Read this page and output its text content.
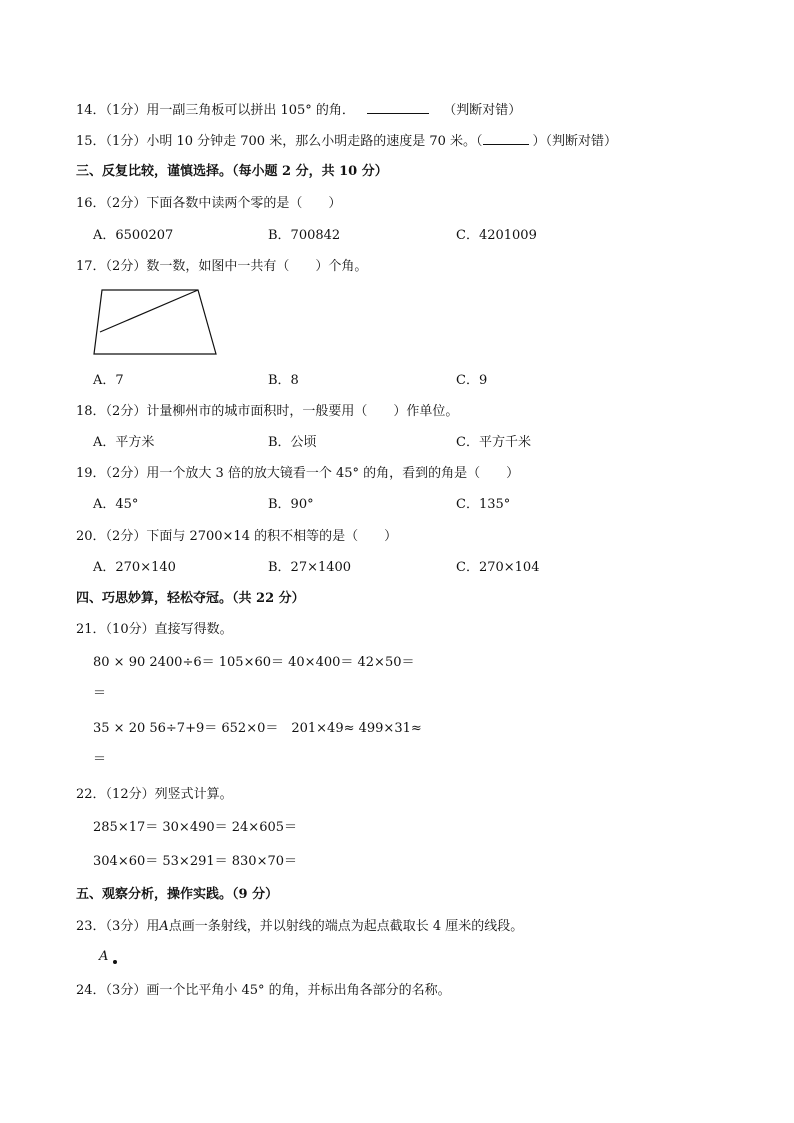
14．（1分）用一副三角板可以拼出 105° 的角．	（判断对错）
15．（1分）小明 10 分钟走 700 米，那么小明走路的速度是 70 米。（	）（判断对错）
三、反复比较，谨慎选择。（每小题 2 分，共 10 分）
16．（2分）下面各数中读两个零的是（　　）
A．6500207	B．700842	C．4201009
17．（2分）数一数，如图中一共有（　　）个角。
A．7	B．8	C．9
18．（2分）计量柳州市的城市面积时，一般要用（　　）作单位。
A．平方米	B．公顷	C．平方千米
19．（2分）用一个放大 3 倍的放大镜看一个 45° 的角，看到的角是（　　）
A．45°	B．90°	C．135°
20．（2分）下面与 2700×14 的积不相等的是（　　）
A．270×140	B．27×1400	C．270×104
四、巧思妙算，轻松夺冠。（共 22 分）
21．（10分）直接写得数。
80 × 90 2400÷6＝ 105×60＝ 40×400＝ 42×50＝
＝
35 × 20 56÷7+9＝ 652×0＝　201×49≈ 499×31≈
＝
22．（12分）列竖式计算。
285×17＝ 30×490＝ 24×605＝
304×60＝ 53×291＝ 830×70＝
五、观察分析，操作实践。（9 分）
23．（3分）用A点画一条射线，并以射线的端点为起点截取长 4 厘米的线段。
A
24．（3分）画一个比平角小 45° 的角，并标出角各部分的名称。
